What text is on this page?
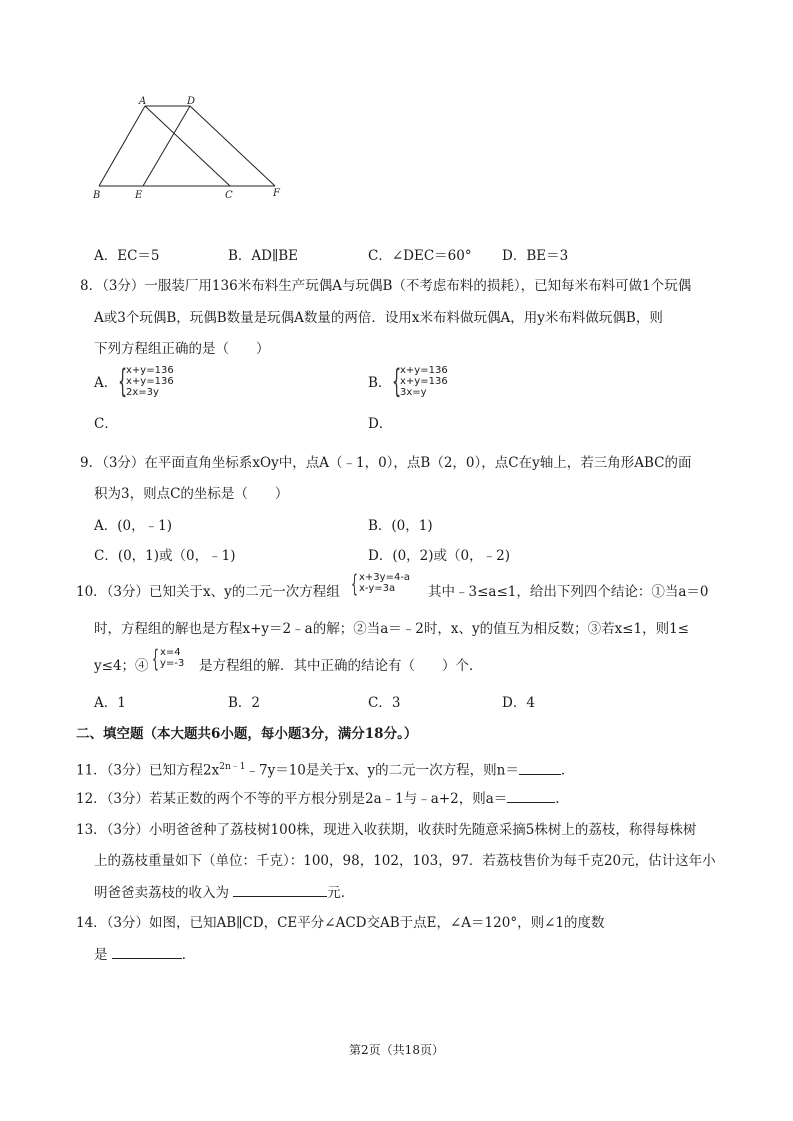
A	D
B	E	C	F
A．EC＝5	B．AD∥BE	C．∠DEC＝60° D．BE＝3
8．（3分）一服装厂用136米布料生产玩偶A与玩偶B（不考虑布料的损耗），已知每米布料可做1个玩偶
A或3个玩偶B，玩偶B数量是玩偶A数量的两倍．设用x米布料做玩偶A，用y米布料做玩偶B，则
下列方程组正确的是（　　）
A． {
x+y=136
x+y=136
2x=3y
B． {
x+y=136
x+y=136
3x=y
C．	D．
9．（3分）在平面直角坐标系xOy中，点A（﹣1，0），点B（2，0），点C在y轴上，若三角形ABC的面
积为3，则点C的坐标是（　　）
A．(0，﹣1)	B．(0，1)
C．(0，1)或（0，﹣1)	D．(0，2)或（0，﹣2)
10．（3分）已知关于x、y的二元一次方程组 { x+3y=4-a
x-y=3a	其中﹣3≤a≤1，给出下列四个结论：①当a＝0
时，方程组的解也是方程x+y＝2﹣a的解；②当a＝﹣2时，x、y的值互为相反数；③若x≤1，则1≤
y≤4；④ { x=4
y=-3 是方程组的解．其中正确的结论有（　　）个．
A．1	B．2	C．3	D．4
二、填空题（本大题共6小题，每小题3分，满分18分。）
11．（3分）已知方程$2x^{2n﹣1}﹣7y=10$是关于x、y的二元一次方程，则n＝	.
12．（3分）若某正数的两个不等的平方根分别是2a﹣1与﹣a+2，则a＝	.
13．（3分）小明爸爸种了荔枝树100株，现进入收获期，收获时先随意采摘5株树上的荔枝，称得每株树
上的荔枝重量如下（单位：千克）：100，98，102，103，97．若荔枝售价为每千克20元，估计这年小
明爸爸卖荔枝的收入为	元．
14．（3分）如图，已知AB∥CD，CE平分∠ACD交AB于点E，∠A＝120°，则∠1的度数
是	．
第2页（共18页）
